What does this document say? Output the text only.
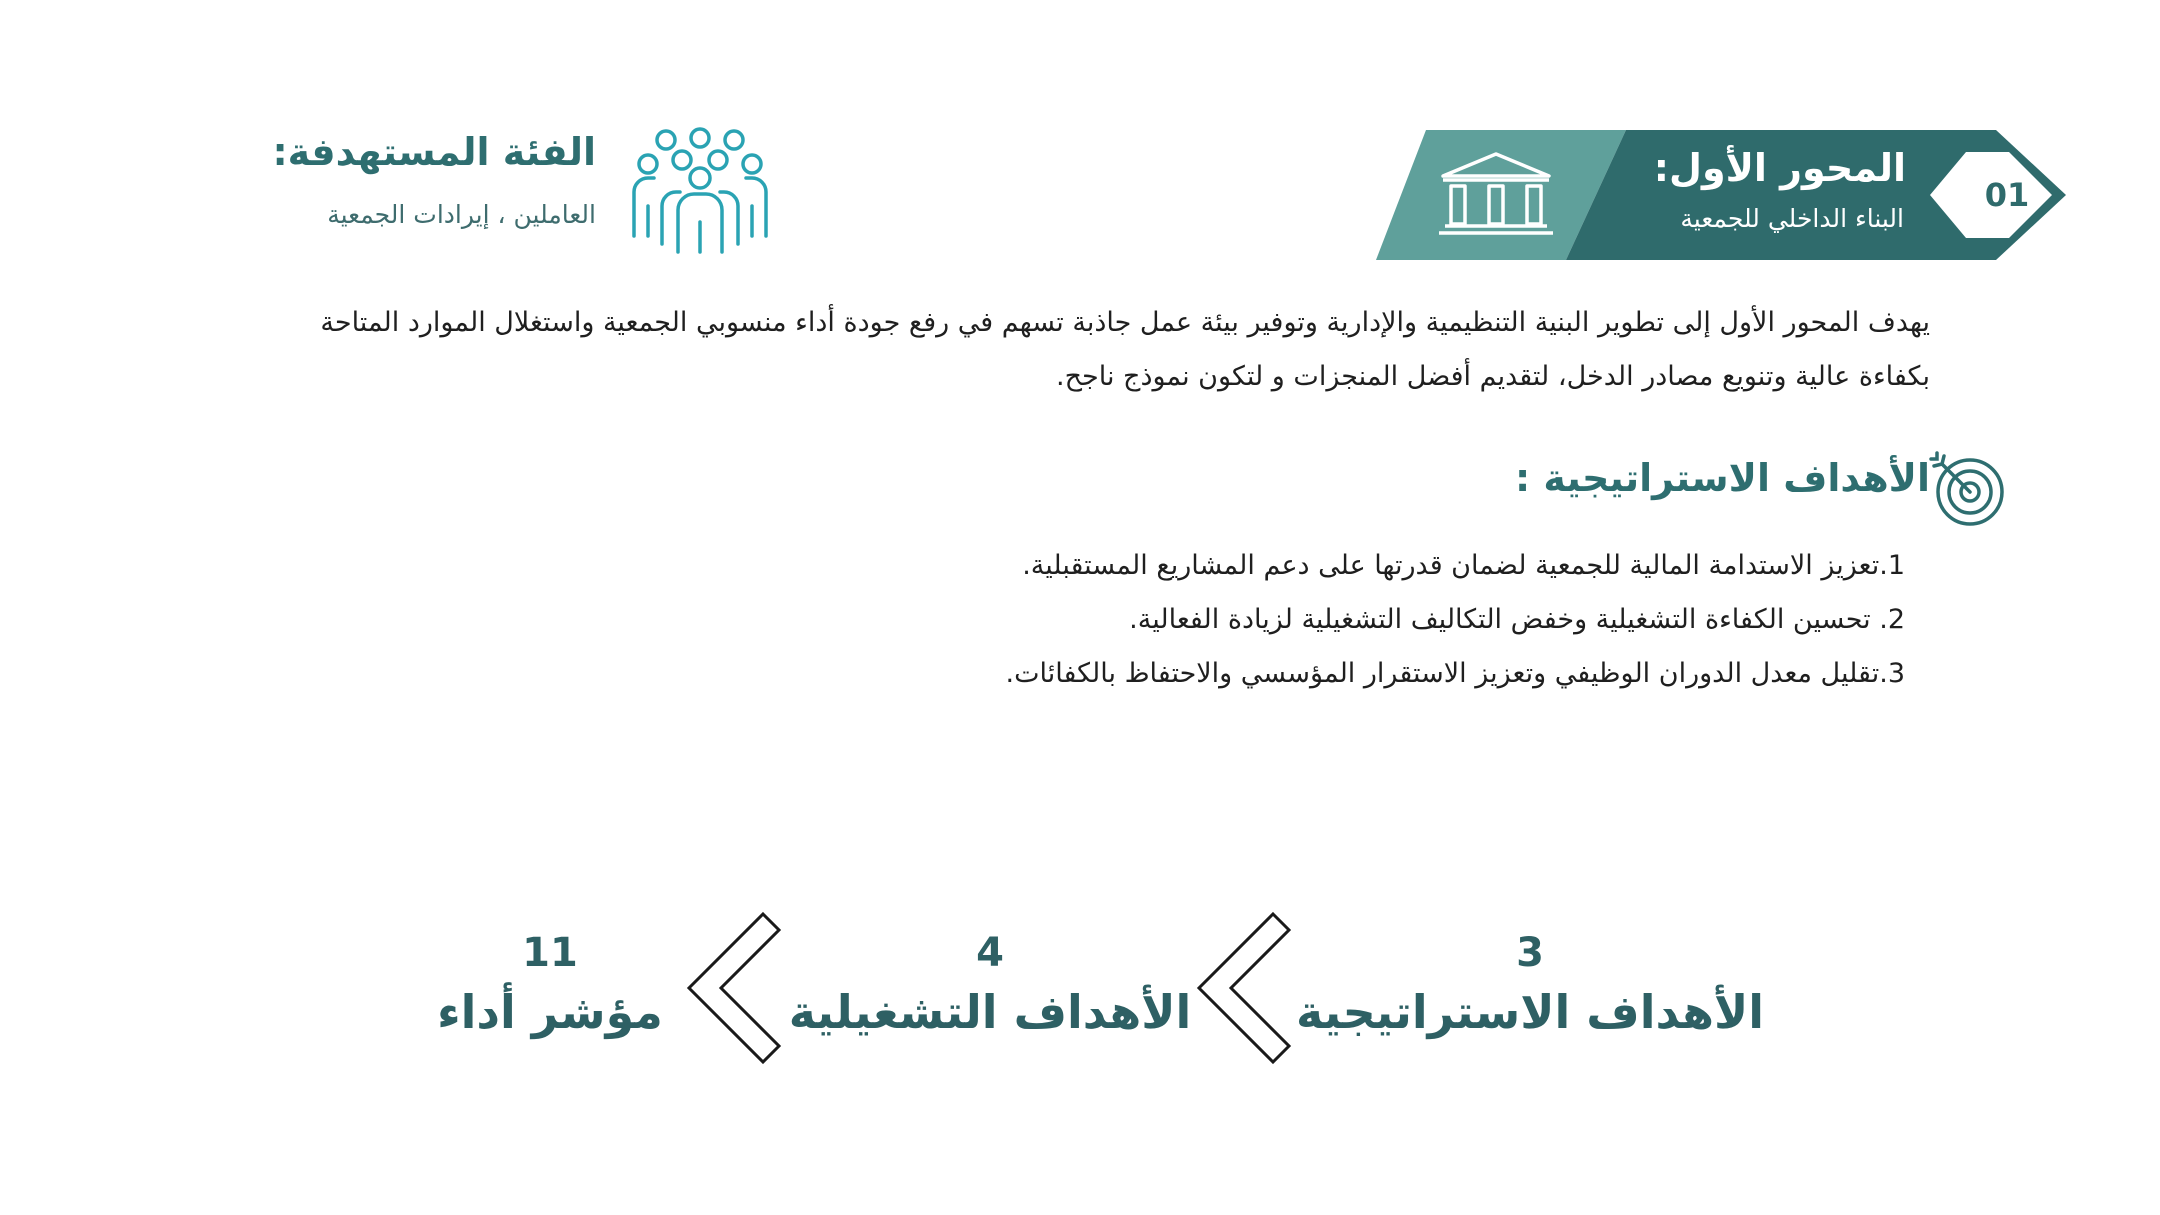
01
المحور الأول:
البناء الداخلي للجمعية
الفئة المستهدفة:
العاملين ، إيرادات الجمعية
يهدف المحور الأول إلى تطوير البنية التنظيمية والإدارية وتوفير بيئة عمل جاذبة تسهم في رفع جودة أداء منسوبي الجمعية واستغلال الموارد المتاحة بكفاءة عالية وتنويع مصادر الدخل، لتقديم أفضل المنجزات و لتكون نموذج ناجح.
الأهداف الاستراتيجية :
1.تعزيز الاستدامة المالية للجمعية لضمان قدرتها على دعم المشاريع المستقبلية.
2. تحسين الكفاءة التشغيلية وخفض التكاليف التشغيلية لزيادة الفعالية.
3.تقليل معدل الدوران الوظيفي وتعزيز الاستقرار المؤسسي والاحتفاظ بالكفائات.
3
الأهداف الاستراتيجية
4
الأهداف التشغيلية
11
مؤشر أداء
